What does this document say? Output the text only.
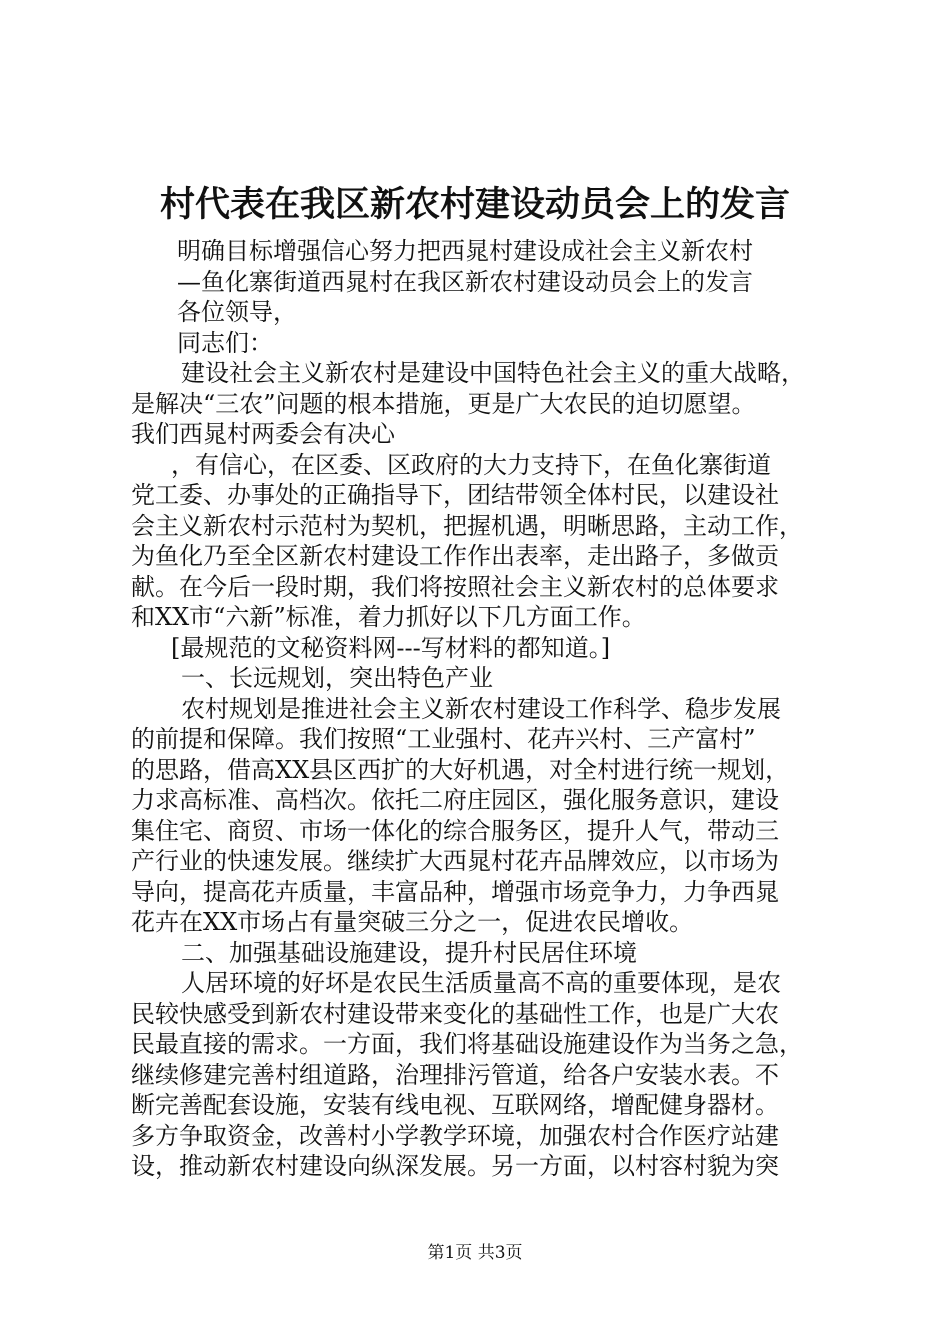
村代表在我区新农村建设动员会上的发言
明确目标增强信心努力把西晁村建设成社会主义新农村
—鱼化寨街道西晁村在我区新农村建设动员会上的发言
各位领导，
同志们：
建设社会主义新农村是建设中国特色社会主义的重大战略，
是解决“三农”问题的根本措施，更是广大农民的迫切愿望。
我们西晁村两委会有决心
，有信心，在区委、区政府的大力支持下，在鱼化寨街道
党工委、办事处的正确指导下，团结带领全体村民，以建设社
会主义新农村示范村为契机，把握机遇，明晰思路，主动工作，
为鱼化乃至全区新农村建设工作作出表率，走出路子，多做贡
献。在今后一段时期，我们将按照社会主义新农村的总体要求
和XX市“六新”标准，着力抓好以下几方面工作。
[最规范的文秘资料网---写材料的都知道。]
一、长远规划，突出特色产业
农村规划是推进社会主义新农村建设工作科学、稳步发展
的前提和保障。我们按照“工业强村、花卉兴村、三产富村”
的思路，借高XX县区西扩的大好机遇，对全村进行统一规划，
力求高标准、高档次。依托二府庄园区，强化服务意识，建设
集住宅、商贸、市场一体化的综合服务区，提升人气，带动三
产行业的快速发展。继续扩大西晁村花卉品牌效应，以市场为
导向，提高花卉质量，丰富品种，增强市场竞争力，力争西晁
花卉在XX市场占有量突破三分之一，促进农民增收。
二、加强基础设施建设，提升村民居住环境
人居环境的好坏是农民生活质量高不高的重要体现，是农
民较快感受到新农村建设带来变化的基础性工作，也是广大农
民最直接的需求。一方面，我们将基础设施建设作为当务之急，
继续修建完善村组道路，治理排污管道，给各户安装水表。不
断完善配套设施，安装有线电视、互联网络，增配健身器材。
多方争取资金，改善村小学教学环境，加强农村合作医疗站建
设，推动新农村建设向纵深发展。另一方面，以村容村貌为突
第1页 共3页
